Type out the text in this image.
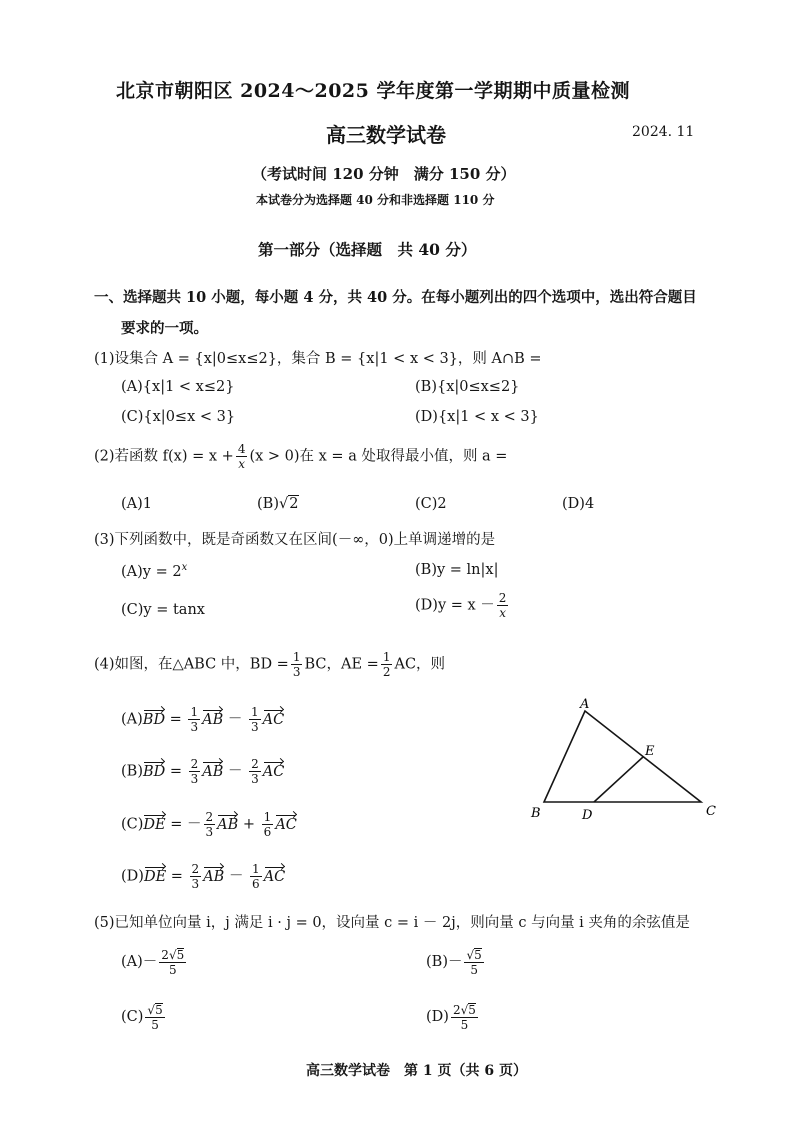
北京市朝阳区 2024～2025 学年度第一学期期中质量检测
高三数学试卷	2024. 11
（考试时间 120 分钟　满分 150 分）
本试卷分为选择题 40 分和非选择题 110 分
第一部分（选择题　共 40 分）
一、选择题共 10 小题，每小题 4 分，共 40 分。在每小题列出的四个选项中，选出符合题目
要求的一项。
(1)设集合 A = {x|0≤x≤2}，集合 B = {x|1 < x < 3}，则 A∩B =
(A){x|1 < x≤2}	(B){x|0≤x≤2}
(C){x|0≤x < 3}	(D){x|1 < x < 3}
(2)若函数 $f(x) = x + \frac{4}{x} (x > 0)$在 x = a 处取得最小值，则 a =
(A)1	(B)√2	(C)2	(D)4
(3)下列函数中，既是奇函数又在区间(－∞，0)上单调递增的是
$(A)y = 2^x$	(B)y = ln|x|
(C)y = tanx	$(D)y = x - \frac{2}{x}$
(4)如图，在△ABC 中，BD = $\frac{1}{3}$ BC，AE = $\frac{1}{2}$ AC，则
$(A)BD = \frac{1}{3}$ AB － $\frac{1}{3}$ AC
$(B)BD = \frac{2}{3}$ AB － $\frac{2}{3}$ AC
(C)DE = － $\frac{2}{3}$ AB + $\frac{1}{6}$ AC
$(D)DE = \frac{2}{3}$ AB － $\frac{1}{6}$ AC
A
B	C
D
E
(5)已知单位向量 i，j 满足 i · j = 0，设向量 c = i － 2j，则向量 c 与向量 i 夹角的余弦值是
$(A)- \frac{2√5}{5}$	$(B)- \frac{√5}{5}$
$(C) \frac{√5}{5}$	$(D) \frac{2√5}{5}$
高三数学试卷　第 1 页（共 6 页）
